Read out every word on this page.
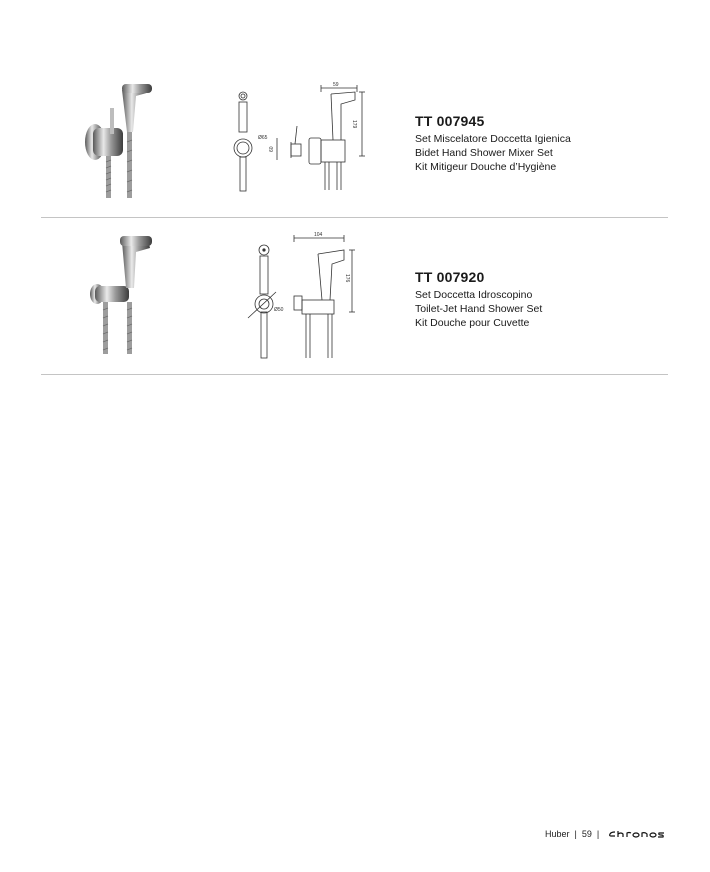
Ø65
59
179
60

TT 007945

Set Miscelatore Doccetta Igienica

Bidet Hand Shower Mixer Set

Kit Mitigeur Douche d’Hygiène

Ø50
104
176	TT 007920

Set Doccetta Idroscopino

Toilet-Jet Hand Shower Set

Kit Douche pour Cuvette

Huber | 59 |
